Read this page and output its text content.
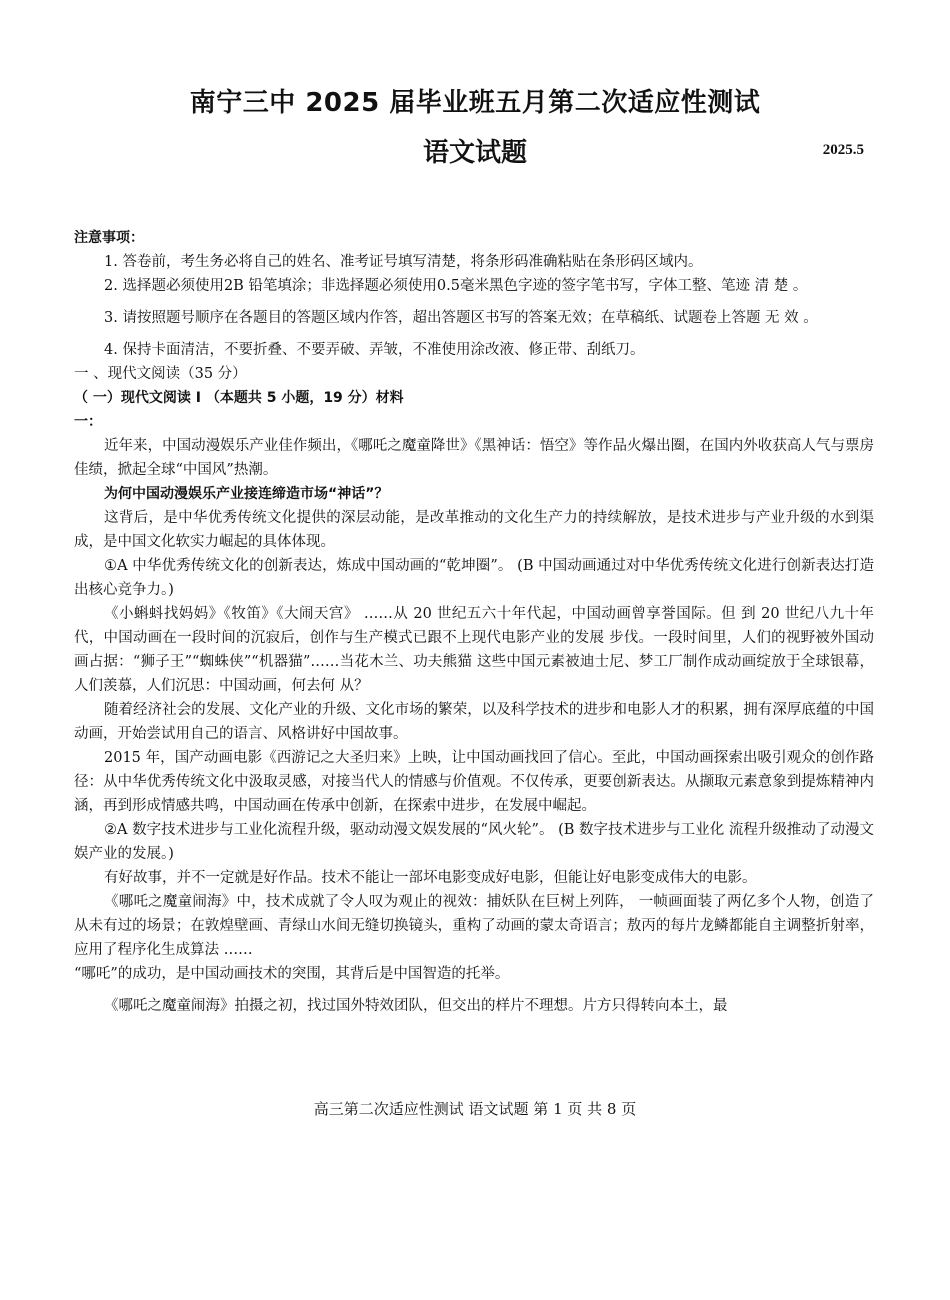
南宁三中 2025 届毕业班五月第二次适应性测试
语文试题	2025.5

注意事项：

1. 答卷前，考生务必将自己的姓名、准考证号填写清楚，将条形码准确粘贴在条形码区域内。

2. 选择题必须使用2B 铅笔填涂；非选择题必须使用0.5毫米黑色字迹的签字笔书写，字体工整、笔迹 清 楚 。

3. 请按照题号顺序在各题目的答题区域内作答，超出答题区书写的答案无效；在草稿纸、试题卷上答题 无 效 。

4. 保持卡面清洁，不要折叠、不要弄破、弄皱，不准使用涂改液、修正带、刮纸刀。

一 、现代文阅读（35 分）

（ 一）现代文阅读 I （本题共 5 小题，19 分）材料一：

近年来，中国动漫娱乐产业佳作频出，《哪吒之魔童降世》《黑神话：悟空》等作品火爆出圈，在国内外收获高人气与票房佳绩，掀起全球“中国风”热潮。

为何中国动漫娱乐产业接连缔造市场“神话”？

这背后，是中华优秀传统文化提供的深层动能，是改革推动的文化生产力的持续解放，是技术进步与产业升级的水到渠成，是中国文化软实力崛起的具体体现。

①A 中华优秀传统文化的创新表达，炼成中国动画的“乾坤圈”。 (B 中国动画通过对中华优秀传统文化进行创新表达打造出核心竞争力。)

《小蝌蚪找妈妈》《牧笛》《大闹天宫》 ……从 20 世纪五六十年代起，中国动画曾享誉国际。但 到 20 世纪八九十年代，中国动画在一段时间的沉寂后，创作与生产模式已跟不上现代电影产业的发展 步伐。一段时间里，人们的视野被外国动画占据：“狮子王”“蜘蛛侠”“机器猫”……当花木兰、功夫熊猫 这些中国元素被迪士尼、梦工厂制作成动画绽放于全球银幕，人们羡慕，人们沉思：中国动画，何去何 从？

随着经济社会的发展、文化产业的升级、文化市场的繁荣，以及科学技术的进步和电影人才的积累，拥有深厚底蕴的中国动画，开始尝试用自己的语言、风格讲好中国故事。

2015 年，国产动画电影《西游记之大圣归来》上映，让中国动画找回了信心。至此，中国动画探索出吸引观众的创作路径：从中华优秀传统文化中汲取灵感，对接当代人的情感与价值观。不仅传承，更要创新表达。从撷取元素意象到提炼精神内涵，再到形成情感共鸣，中国动画在传承中创新，在探索中进步，在发展中崛起。

②A 数字技术进步与工业化流程升级，驱动动漫文娱发展的“风火轮”。 (B 数字技术进步与工业化 流程升级推动了动漫文娱产业的发展。)

有好故事，并不一定就是好作品。技术不能让一部坏电影变成好电影，但能让好电影变成伟大的电影。

《哪吒之魔童闹海》中，技术成就了令人叹为观止的视效：捕妖队在巨树上列阵， 一帧画面装了两亿多个人物，创造了从未有过的场景；在敦煌壁画、青绿山水间无缝切换镜头，重构了动画的蒙太奇语言；敖丙的每片龙鳞都能自主调整折射率，应用了程序化生成算法 ……

“哪吒”的成功，是中国动画技术的突围，其背后是中国智造的托举。

《哪吒之魔童闹海》拍摄之初，找过国外特效团队，但交出的样片不理想。片方只得转向本土，最

高三第二次适应性测试 语文试题 第 1 页 共 8 页
